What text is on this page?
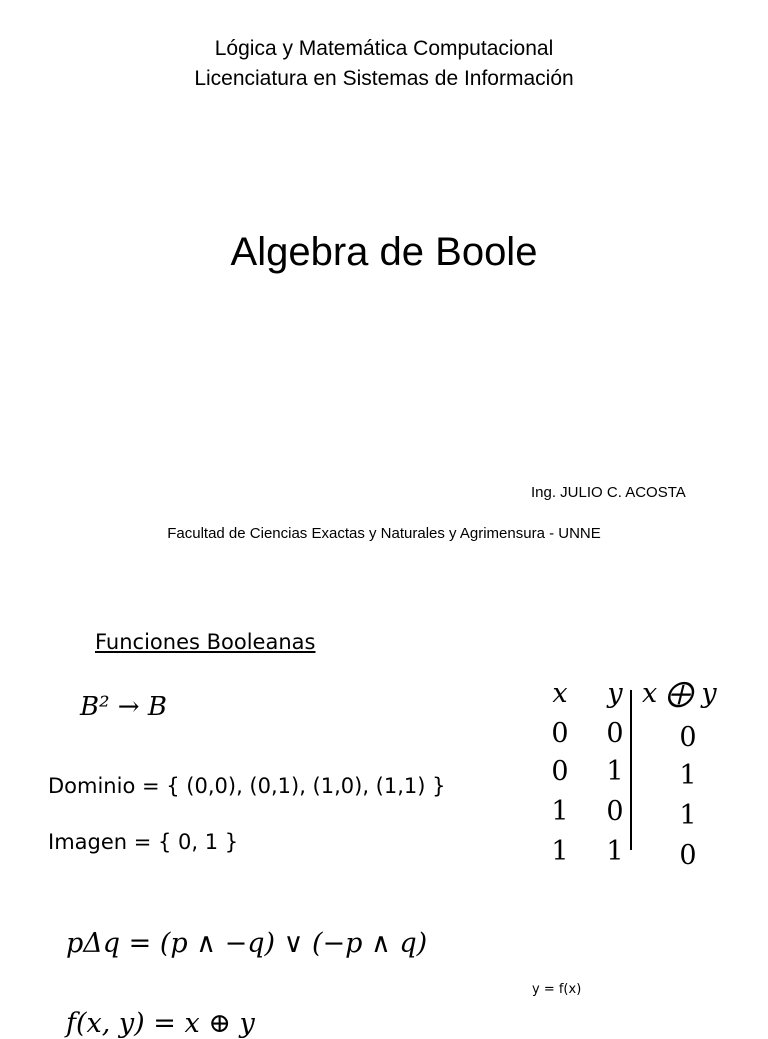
Lógica y Matemática Computacional
Licenciatura en Sistemas de Información
Algebra de Boole
Ing. JULIO C. ACOSTA
Facultad de Ciencias Exactas y Naturales y Agrimensura - UNNE
Funciones Booleanas
B² → B
Dominio = { (0,0), (0,1), (1,0), (1,1) }
Imagen = { 0, 1 }
pΔq = (p ∧ −q) ∨ (−p ∧ q)
y = f(x)
f(x, y) = x ⊕ y
x y x ⨁ y
0 0 0
0 1 1
1 0 1
1 1 0
